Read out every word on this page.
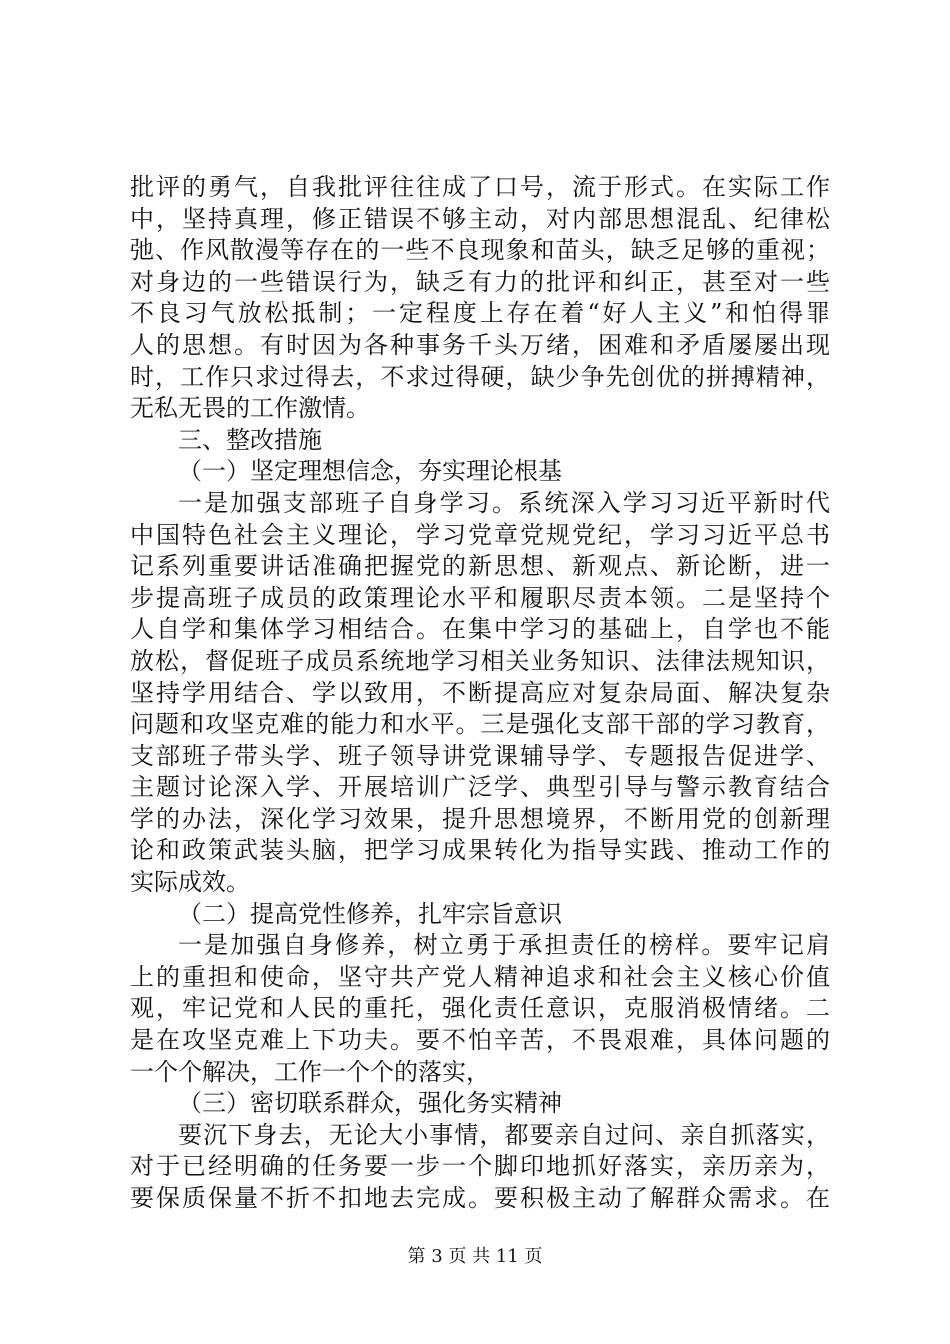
批评的勇气，自我批评往往成了口号，流于形式。在实际工作
中，坚持真理，修正错误不够主动，对内部思想混乱、纪律松
弛、作风散漫等存在的一些不良现象和苗头，缺乏足够的重视；
对身边的一些错误行为，缺乏有力的批评和纠正，甚至对一些
不良习气放松抵制；一定程度上存在着“好人主义”和怕得罪
人的思想。有时因为各种事务千头万绪，困难和矛盾屡屡出现
时，工作只求过得去，不求过得硬，缺少争先创优的拼搏精神，
无私无畏的工作激情。
三、整改措施
（一）坚定理想信念，夯实理论根基
一是加强支部班子自身学习。系统深入学习习近平新时代
中国特色社会主义理论，学习党章党规党纪，学习习近平总书
记系列重要讲话准确把握党的新思想、新观点、新论断，进一
步提高班子成员的政策理论水平和履职尽责本领。二是坚持个
人自学和集体学习相结合。在集中学习的基础上，自学也不能
放松，督促班子成员系统地学习相关业务知识、法律法规知识，
坚持学用结合、学以致用，不断提高应对复杂局面、解决复杂
问题和攻坚克难的能力和水平。三是强化支部干部的学习教育，
支部班子带头学、班子领导讲党课辅导学、专题报告促进学、
主题讨论深入学、开展培训广泛学、典型引导与警示教育结合
学的办法，深化学习效果，提升思想境界，不断用党的创新理
论和政策武装头脑，把学习成果转化为指导实践、推动工作的
实际成效。
（二）提高党性修养，扎牢宗旨意识
一是加强自身修养，树立勇于承担责任的榜样。要牢记肩
上的重担和使命，坚守共产党人精神追求和社会主义核心价值
观，牢记党和人民的重托，强化责任意识，克服消极情绪。二
是在攻坚克难上下功夫。要不怕辛苦，不畏艰难，具体问题的
一个个解决，工作一个个的落实，
（三）密切联系群众，强化务实精神
要沉下身去，无论大小事情，都要亲自过问、亲自抓落实，
对于已经明确的任务要一步一个脚印地抓好落实，亲历亲为，
要保质保量不折不扣地去完成。要积极主动了解群众需求。在
第 3 页 共 11 页
